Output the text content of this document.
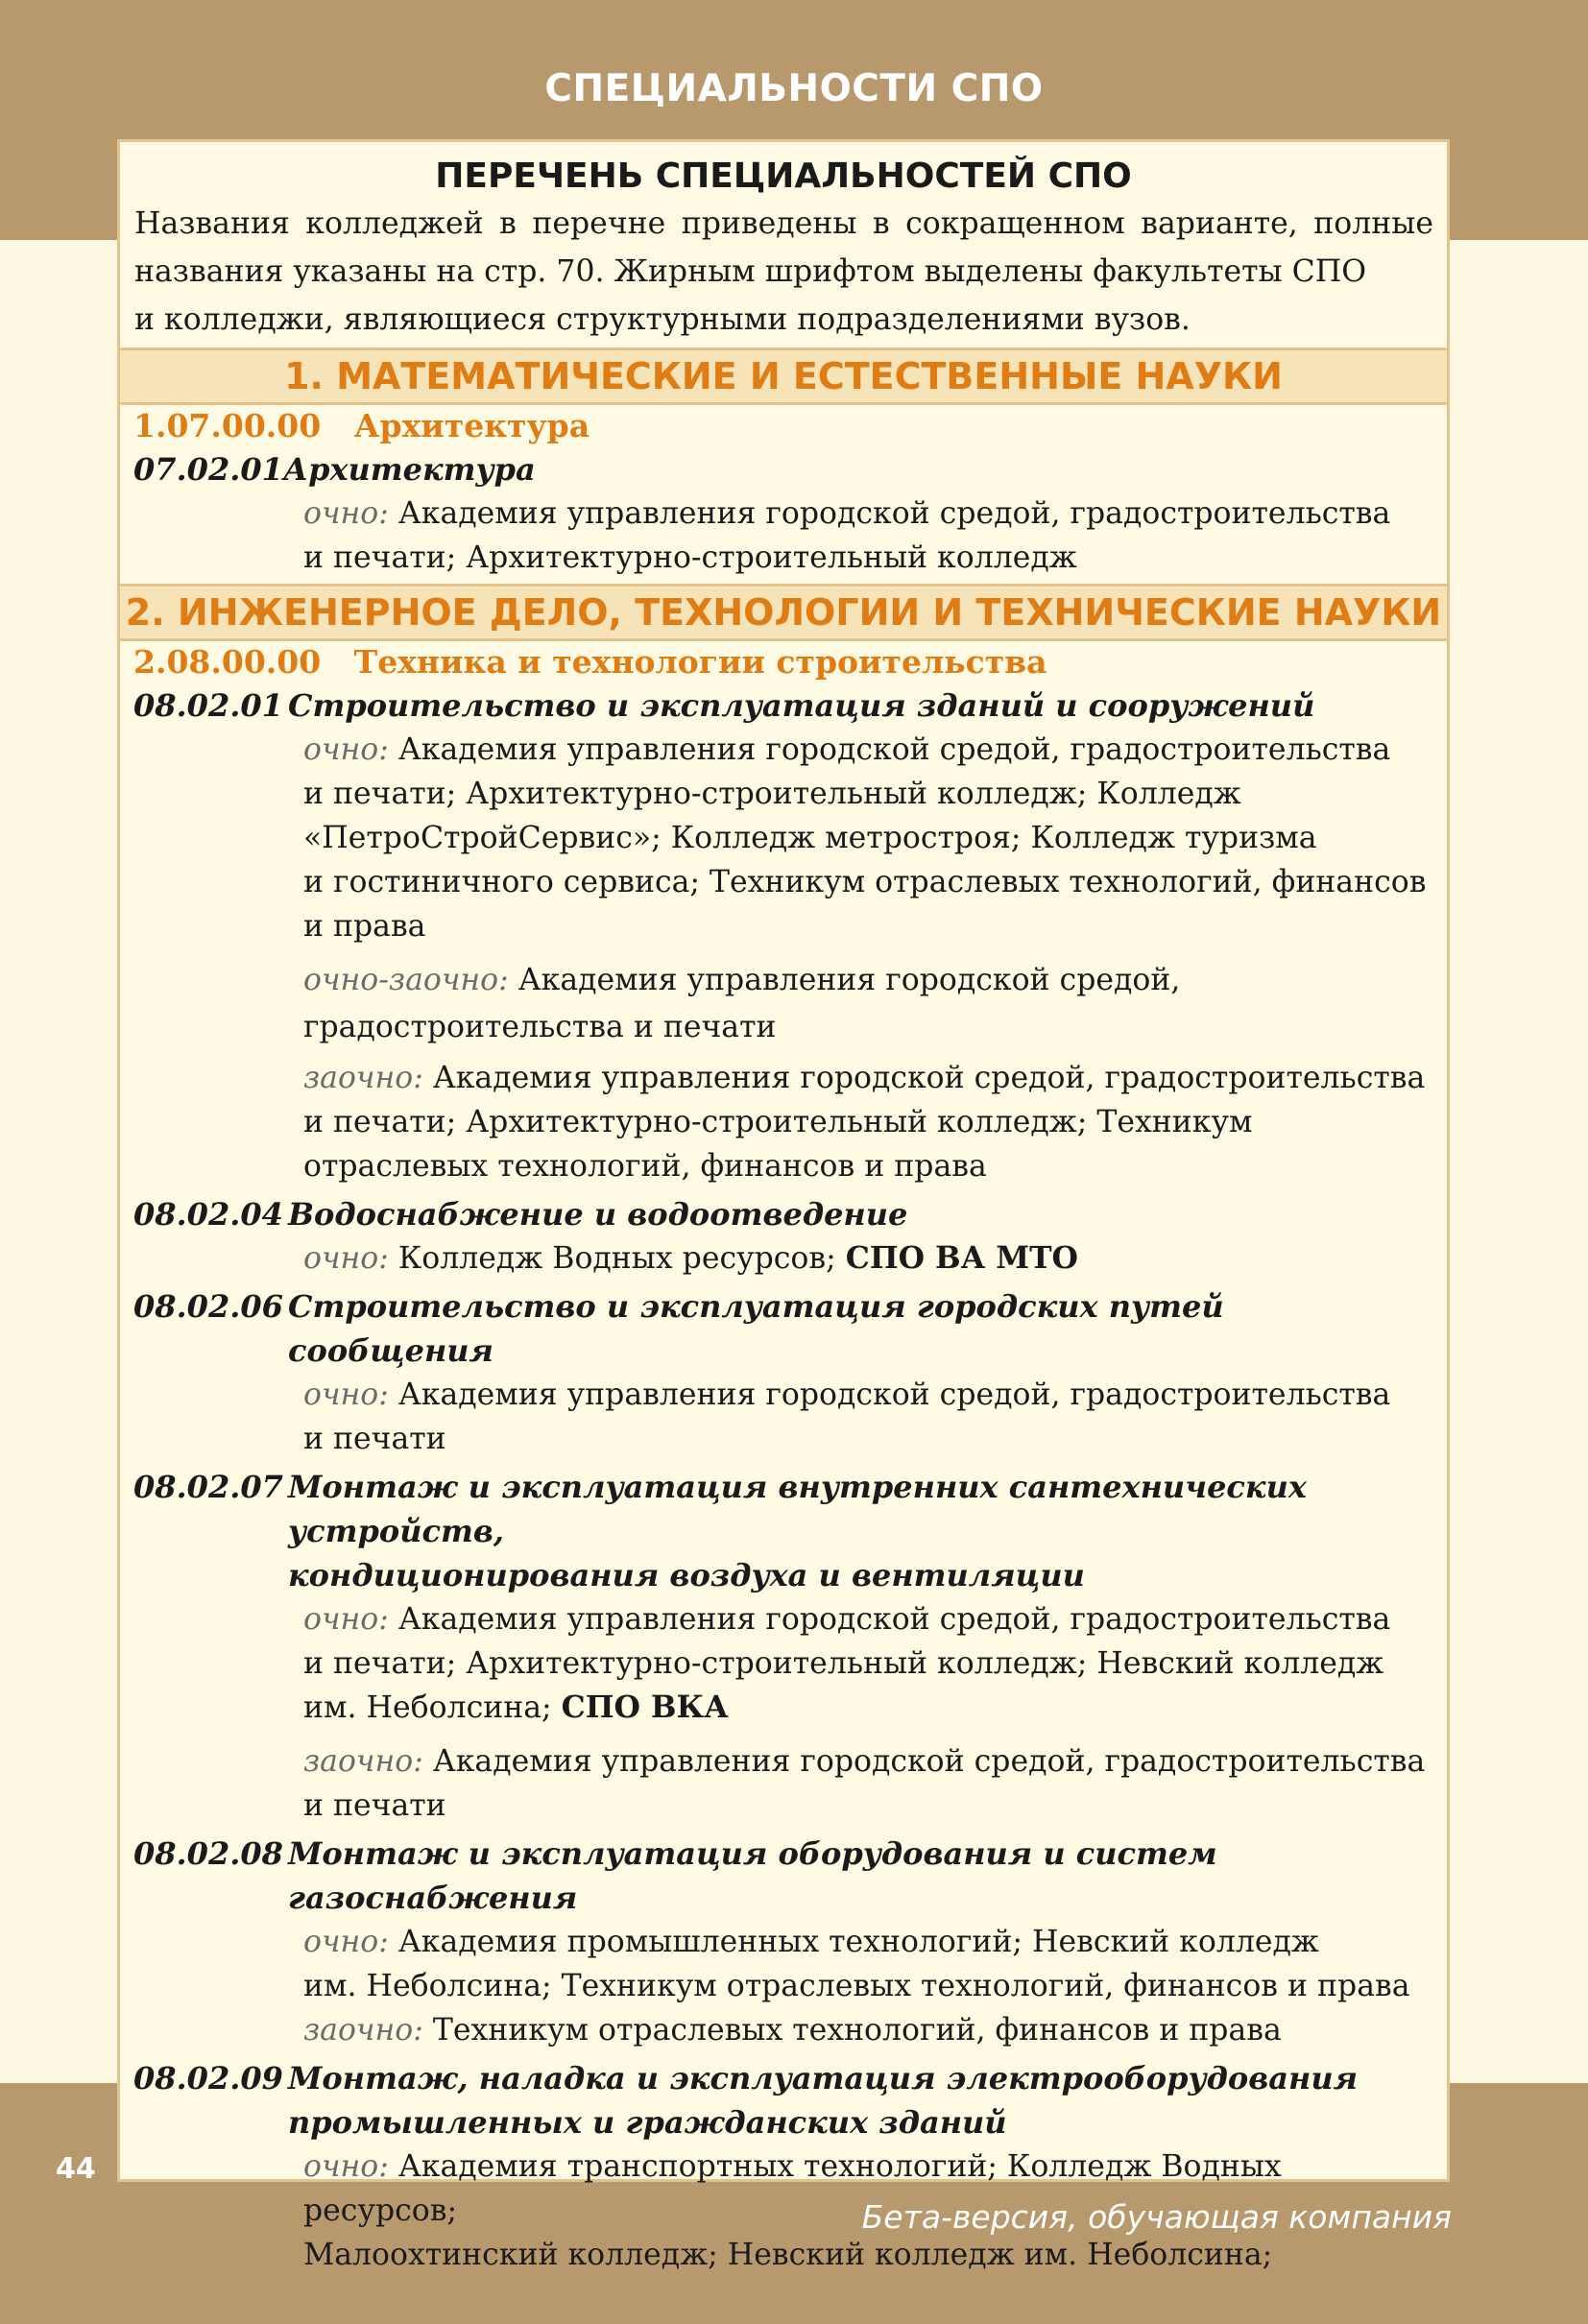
СПЕЦИАЛЬНОСТИ СПО
ПЕРЕЧЕНЬ СПЕЦИАЛЬНОСТЕЙ СПО
Названия колледжей в перечне приведены в сокращенном варианте, полные
названия указаны на стр. 70. Жирным шрифтом выделены факультеты СПО
и колледжи, являющиеся структурными подразделениями вузов.
1. МАТЕМАТИЧЕСКИЕ И ЕСТЕСТВЕННЫЕ НАУКИ
1.07.00.00 Архитектура
07.02.01 Архитектура
очно: Академия управления городской средой, градостроительства
и печати; Архитектурно-строительный колледж
2. ИНЖЕНЕРНОЕ ДЕЛО, ТЕХНОЛОГИИ И ТЕХНИЧЕСКИЕ НАУКИ
2.08.00.00 Техника и технологии строительства
08.02.01 Строительство и эксплуатация зданий и сооружений
очно: Академия управления городской средой, градостроительства
и печати; Архитектурно-строительный колледж; Колледж
«ПетроСтройСервис»; Колледж метростроя; Колледж туризма
и гостиничного сервиса; Техникум отраслевых технологий, финансов
и права
очно-заочно: Академия управления городской средой,
градостроительства и печати
заочно: Академия управления городской средой, градостроительства
и печати; Архитектурно-строительный колледж; Техникум
отраслевых технологий, финансов и права
08.02.04 Водоснабжение и водоотведение
очно: Колледж Водных ресурсов; СПО ВА МТО
08.02.06 Строительство и эксплуатация городских путей сообщения
очно: Академия управления городской средой, градостроительства
и печати
08.02.07 Монтаж и эксплуатация внутренних сантехнических устройств,
кондиционирования воздуха и вентиляции
очно: Академия управления городской средой, градостроительства
и печати; Архитектурно-строительный колледж; Невский колледж
им. Неболсина; СПО ВКА
заочно: Академия управления городской средой, градостроительства
и печати
08.02.08 Монтаж и эксплуатация оборудования и систем газоснабжения
очно: Академия промышленных технологий; Невский колледж
им. Неболсина; Техникум отраслевых технологий, финансов и права
заочно: Техникум отраслевых технологий, финансов и права
08.02.09 Монтаж, наладка и эксплуатация электрооборудования
промышленных и гражданских зданий
очно: Академия транспортных технологий; Колледж Водных ресурсов;
Малоохтинский колледж; Невский колледж им. Неболсина;
44
Бета-версия, обучающая компания
